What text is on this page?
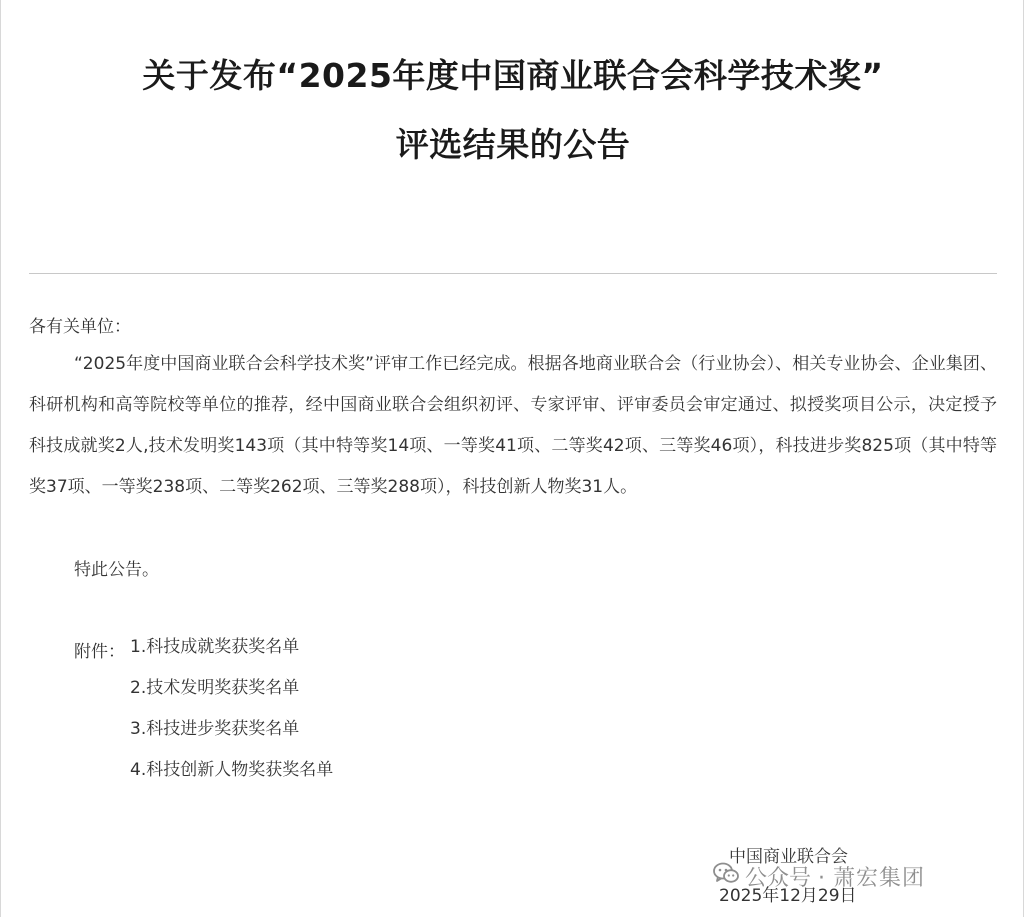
关于发布“2025年度中国商业联合会科学技术奖”
评选结果的公告
各有关单位：

“2025年度中国商业联合会科学技术奖”评审工作已经完成。根据各地商业联合会（行业协会）、相关专业协会、企业集团、科研机构和高等院校等单位的推荐，经中国商业联合会组织初评、专家评审、评审委员会审定通过、拟授奖项目公示，决定授予科技成就奖2人,技术发明奖143项（其中特等奖14项、一等奖41项、二等奖42项、三等奖46项），科技进步奖825项（其中特等奖37项、一等奖238项、二等奖262项、三等奖288项），科技创新人物奖31人。

特此公告。
附件： 1.科技成就奖获奖名单
2.技术发明奖获奖名单
3.科技进步奖获奖名单
4.科技创新人物奖获奖名单
中国商业联合会
2025年12月29日
公众号 · 萧宏集团
